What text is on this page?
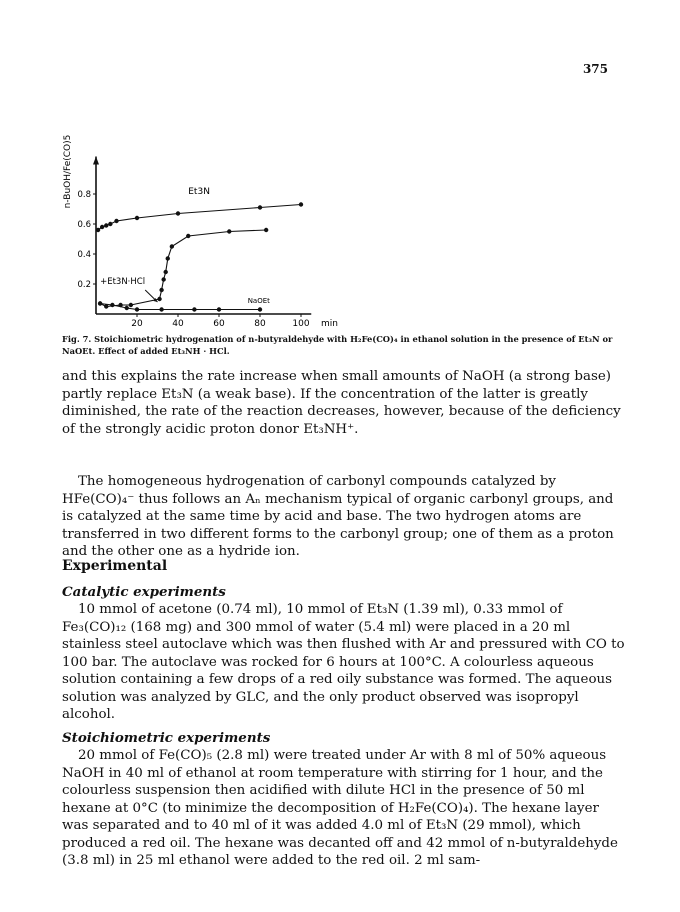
375
20	40	60	80	100 min
0.2
0.4
0.6
0.8
n-BuOH/Fe(CO)5	Et3N
+Et3N·HCl
NaOEt
Fig. 7. Stoichiometric hydrogenation of n-butyraldehyde with H₂Fe(CO)₄ in ethanol solution in the presence of Et₃N or NaOEt. Effect of added Et₃NH · HCl.

and this explains the rate increase when small amounts of NaOH (a strong base) partly replace Et₃N (a weak base). If the concentration of the latter is greatly diminished, the rate of the reaction decreases, however, because of the deficiency of the strongly acidic proton donor Et₃NH⁺.

The homogeneous hydrogenation of carbonyl compounds catalyzed by HFe(CO)₄⁻ thus follows an Aₙ mechanism typical of organic carbonyl groups, and is catalyzed at the same time by acid and base. The two hydrogen atoms are transferred in two different forms to the carbonyl group; one of them as a proton and the other one as a hydride ion.

Experimental
Catalytic experiments

10 mmol of acetone (0.74 ml), 10 mmol of Et₃N (1.39 ml), 0.33 mmol of Fe₃(CO)₁₂ (168 mg) and 300 mmol of water (5.4 ml) were placed in a 20 ml stainless steel autoclave which was then flushed with Ar and pressured with CO to 100 bar. The autoclave was rocked for 6 hours at 100°C. A colourless aqueous solution containing a few drops of a red oily substance was formed. The aqueous solution was analyzed by GLC, and the only product observed was isopropyl alcohol.

Stoichiometric experiments

20 mmol of Fe(CO)₅ (2.8 ml) were treated under Ar with 8 ml of 50% aqueous NaOH in 40 ml of ethanol at room temperature with stirring for 1 hour, and the colourless suspension then acidified with dilute HCl in the presence of 50 ml hexane at 0°C (to minimize the decomposition of H₂Fe(CO)₄). The hexane layer was separated and to 40 ml of it was added 4.0 ml of Et₃N (29 mmol), which produced a red oil. The hexane was decanted off and 42 mmol of n-butyraldehyde (3.8 ml) in 25 ml ethanol were added to the red oil. 2 ml sam-
